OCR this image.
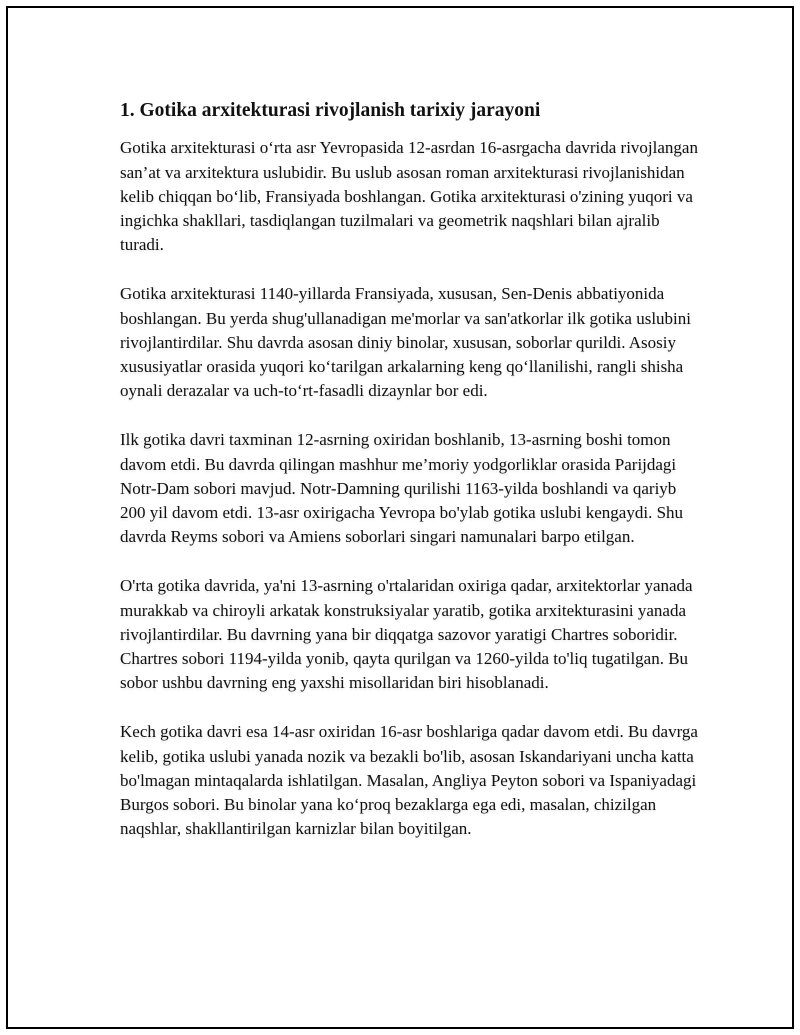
1. Gotika arxitekturasi rivojlanish tarixiy jarayoni

Gotika arxitekturasi o‘rta asr Yevropasida 12-asrdan 16-asrgacha davrida rivojlangan san’at va arxitektura uslubidir. Bu uslub asosan roman arxitekturasi rivojlanishidan kelib chiqqan bo‘lib, Fransiyada boshlangan. Gotika arxitekturasi o'zining yuqori va ingichka shakllari, tasdiqlangan tuzilmalari va geometrik naqshlari bilan ajralib turadi.

Gotika arxitekturasi 1140-yillarda Fransiyada, xususan, Sen-Denis abbatiyonida boshlangan. Bu yerda shug'ullanadigan me'morlar va san'atkorlar ilk gotika uslubini rivojlantirdilar. Shu davrda asosan diniy binolar, xususan, soborlar qurildi. Asosiy xususiyatlar orasida yuqori ko‘tarilgan arkalarning keng qo‘llanilishi, rangli shisha oynali derazalar va uch-to‘rt-fasadli dizaynlar bor edi.

Ilk gotika davri taxminan 12-asrning oxiridan boshlanib, 13-asrning boshi tomon davom etdi. Bu davrda qilingan mashhur me’moriy yodgorliklar orasida Parijdagi Notr-Dam sobori mavjud. Notr-Damning qurilishi 1163-yilda boshlandi va qariyb 200 yil davom etdi. 13-asr oxirigacha Yevropa bo'ylab gotika uslubi kengaydi. Shu davrda Reyms sobori va Amiens soborlari singari namunalari barpo etilgan.

O'rta gotika davrida, ya'ni 13-asrning o'rtalaridan oxiriga qadar, arxitektorlar yanada murakkab va chiroyli arkatak konstruksiyalar yaratib, gotika arxitekturasini yanada rivojlantirdilar. Bu davrning yana bir diqqatga sazovor yaratigi Chartres soboridir. Chartres sobori 1194-yilda yonib, qayta qurilgan va 1260-yilda to'liq tugatilgan. Bu sobor ushbu davrning eng yaxshi misollaridan biri hisoblanadi.

Kech gotika davri esa 14-asr oxiridan 16-asr boshlariga qadar davom etdi. Bu davrga kelib, gotika uslubi yanada nozik va bezakli bo'lib, asosan Iskandariyani uncha katta bo'lmagan mintaqalarda ishlatilgan. Masalan, Angliya Peyton sobori va Ispaniyadagi Burgos sobori. Bu binolar yana ko‘proq bezaklarga ega edi, masalan, chizilgan naqshlar, shakllantirilgan karnizlar bilan boyitilgan.
